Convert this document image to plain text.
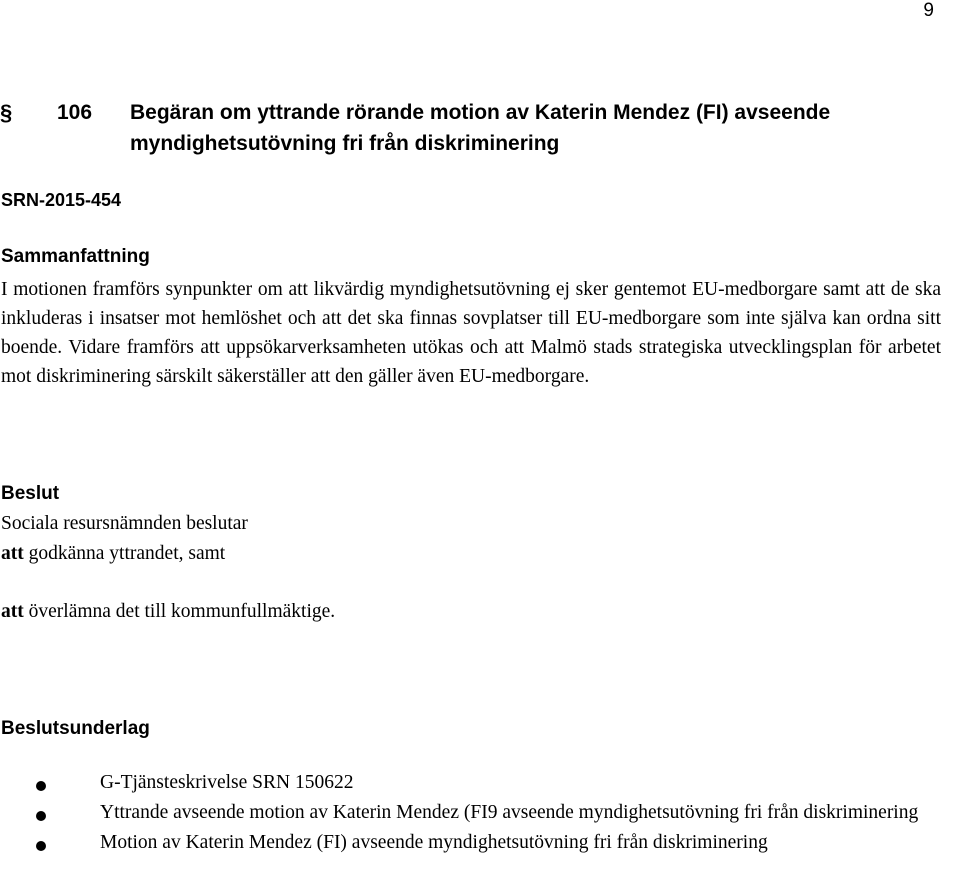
9
§ 106 Begäran om yttrande rörande motion av Katerin Mendez (FI) avseende myndighetsutövning fri från diskriminering
SRN-2015-454
Sammanfattning
I motionen framförs synpunkter om att likvärdig myndighetsutövning ej sker gentemot EU-medborgare samt att de ska inkluderas i insatser mot hemlöshet och att det ska finnas sovplatser till EU-medborgare som inte själva kan ordna sitt boende. Vidare framförs att uppsökarverksamheten utökas och att Malmö stads strategiska utvecklingsplan för arbetet mot diskriminering särskilt säkerställer att den gäller även EU-medborgare.
Beslut
Sociala resursnämnden beslutar
att godkänna yttrandet, samt
att överlämna det till kommunfullmäktige.
Beslutsunderlag
G-Tjänsteskrivelse SRN 150622
Yttrande avseende motion av Katerin Mendez (FI9 avseende myndighetsutövning fri från diskriminering
Motion av Katerin Mendez (FI) avseende myndighetsutövning fri från diskriminering
